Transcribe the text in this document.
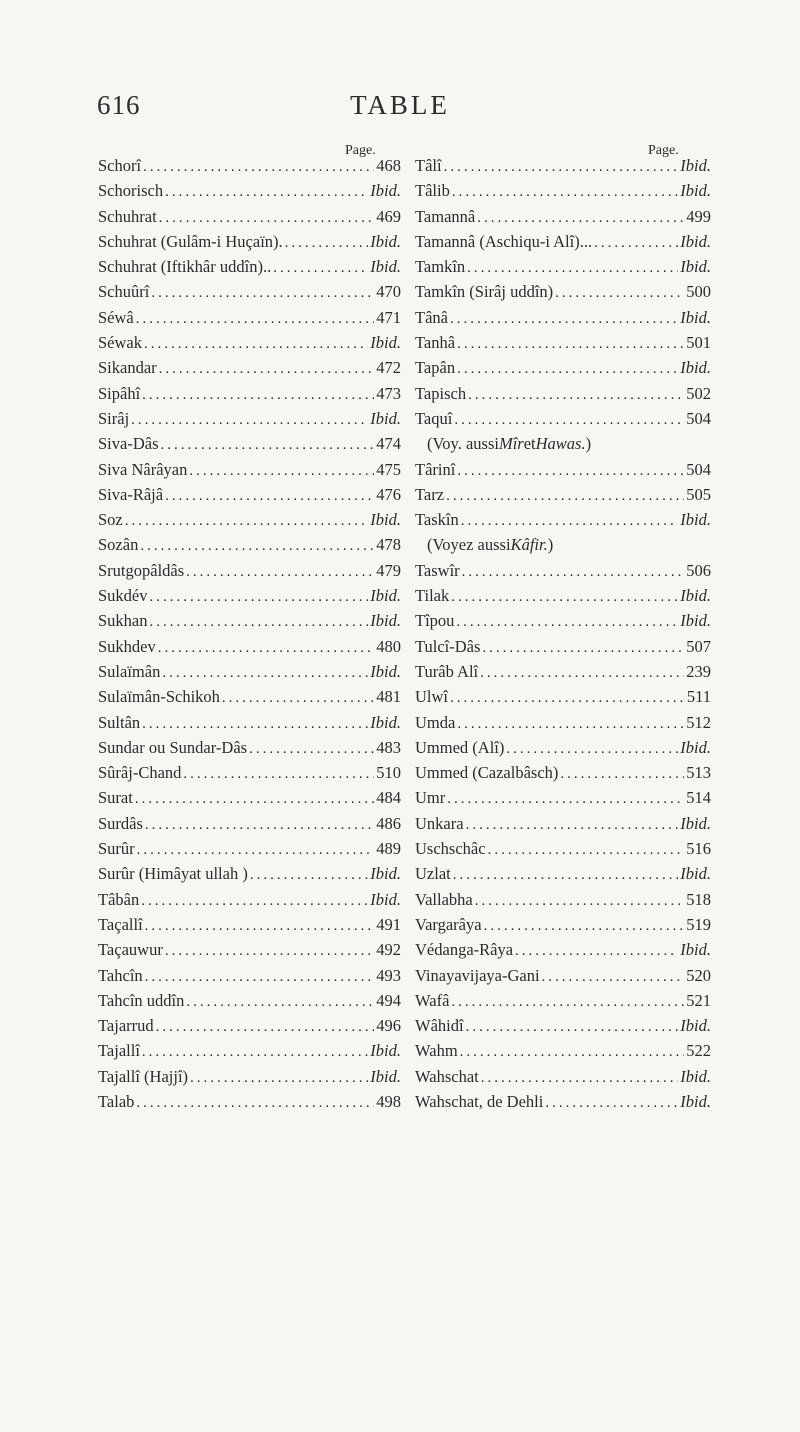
616	TABLE
Page.	Page.
Schorî .....	468
Schorisch .....	Ibid.
Schuhrat .....	469
Schuhrat (Gulâm-i Huçaïn). .....	Ibid.
Schuhrat (Iftikhâr uddîn).. .....	Ibid.
Schuûrî .....	470
Séwâ .....	471
Séwak .....	Ibid.
Sikandar .....	472
Sipâhî .....	473
Sirâj .....	Ibid.
Siva-Dâs .....	474
Siva Nârâyan .....	475
Siva-Râjâ .....	476
Soz .....	Ibid.
Sozân .....	478
Srutgopâldâs .....	479
Sukdév .....	Ibid.
Sukhan .....	Ibid.
Sukhdev .....	480
Sulaïmân .....	Ibid.
Sulaïmân-Schikoh .....	481
Sultân .....	Ibid.
Sundar ou Sundar-Dâs .....	483
Sûrâj-Chand .....	510
Surat .....	484
Surdâs .....	486
Surûr .....	489
Surûr (Himâyat ullah ) .....	Ibid.
Tâbân .....	Ibid.
Taçallî .....	491
Taçauwur .....	492
Tahcîn .....	493
Tahcîn uddîn .....	494
Tajarrud .....	496
Tajallî .....	Ibid.
Tajallî (Hajjî) .....	Ibid.
Talab .....	498
Tâlî .....	Ibid.
Tâlib .....	Ibid.
Tamannâ .....	499
Tamannâ (Aschiqu-i Alî)... .....	Ibid.
Tamkîn .....	Ibid.
Tamkîn (Sirâj uddîn) .....	500
Tânâ .....	Ibid.
Tanhâ .....	501
Tapân .....	Ibid.
Tapisch .....	502
Taquî .....	504
(Voy. aussi Mîr et Hawas. )
Târinî .....	504
Tarz .....	505
Taskîn .....	Ibid.
(Voyez aussi Kâfir. )
Taswîr .....	506
Tilak .....	Ibid.
Tîpou .....	Ibid.
Tulcî-Dâs .....	507
Turâb Alî .....	239
Ulwî .....	511
Umda .....	512
Ummed (Alî) .....	Ibid.
Ummed (Cazalbâsch) .....	513
Umr .....	514
Unkara .....	Ibid.
Uschschâc .....	516
Uzlat .....	Ibid.
Vallabha .....	518
Vargarâya .....	519
Védanga-Râya .....	Ibid.
Vinayavijaya-Gani .....	520
Wafâ .....	521
Wâhidî .....	Ibid.
Wahm .....	522
Wahschat .....	Ibid.
Wahschat, de Dehli .....	Ibid.
